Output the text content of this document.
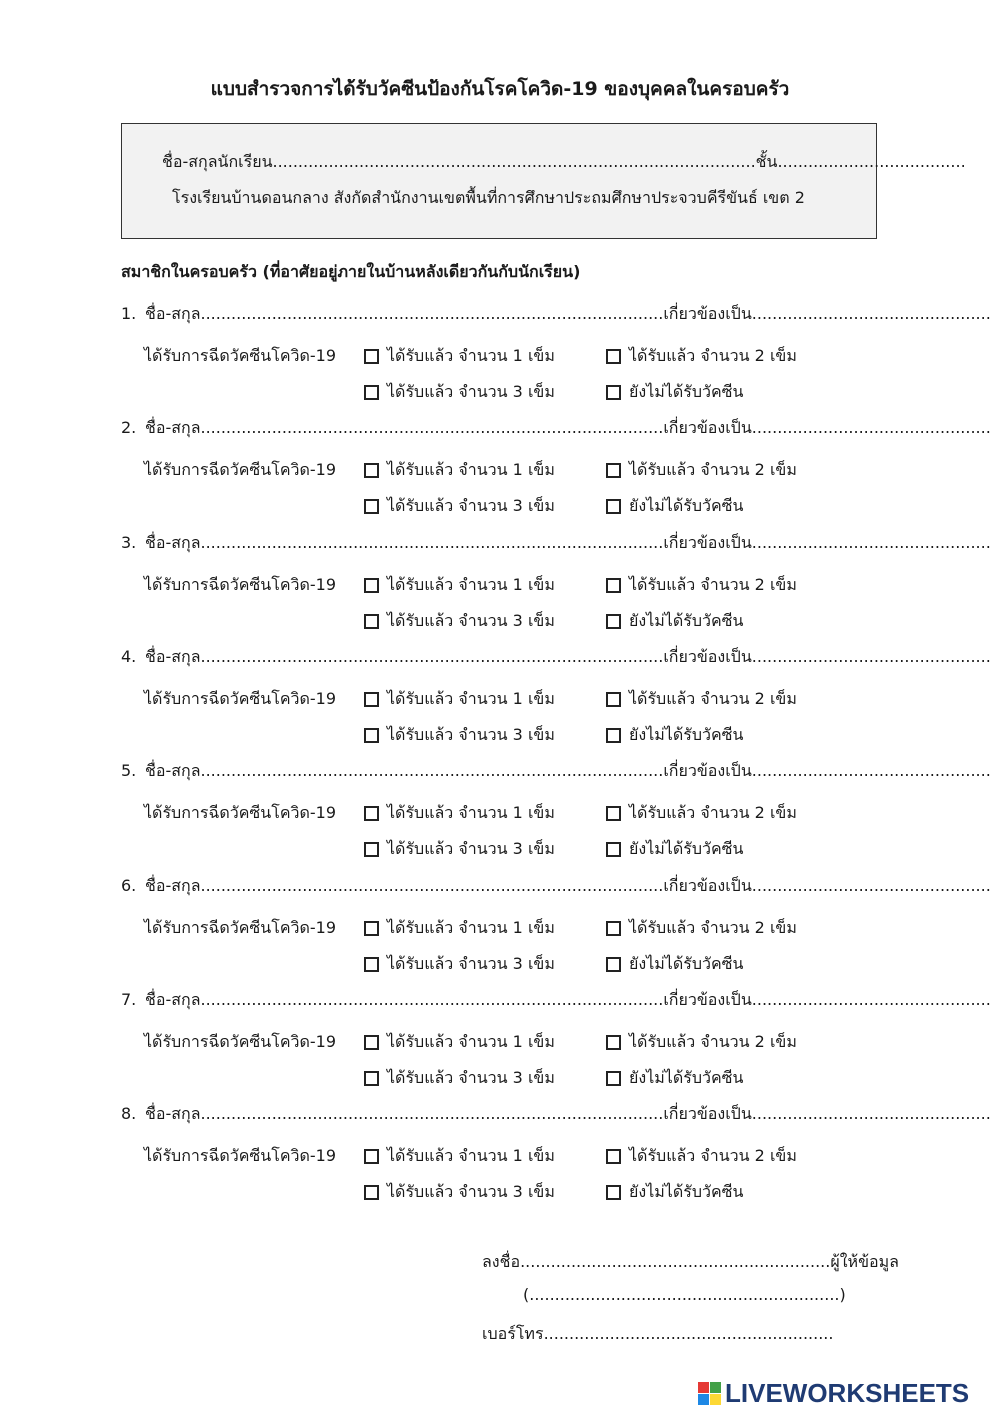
แบบสำรวจการได้รับวัคซีนป้องกันโรคโควิด-19 ของบุคคลในครอบครัว
ชื่อ-สกุลนักเรียน...............................................................................................ชั้น.....................................
โรงเรียนบ้านดอนกลาง สังกัดสำนักงานเขตพื้นที่การศึกษาประถมศึกษาประจวบคีรีขันธ์ เขต 2
สมาชิกในครอบครัว (ที่อาศัยอยู่ภายในบ้านหลังเดียวกันกับนักเรียน)
1. ชื่อ-สกุล...........................................................................................เกี่ยวข้องเป็น...............................................
ได้รับการฉีดวัคซีนโควิด-19	ได้รับแล้ว จำนวน 1 เข็ม	ได้รับแล้ว จำนวน 2 เข็ม
ได้รับแล้ว จำนวน 3 เข็ม	ยังไม่ได้รับวัคซีน
2. ชื่อ-สกุล...........................................................................................เกี่ยวข้องเป็น...............................................
ได้รับการฉีดวัคซีนโควิด-19	ได้รับแล้ว จำนวน 1 เข็ม	ได้รับแล้ว จำนวน 2 เข็ม
ได้รับแล้ว จำนวน 3 เข็ม	ยังไม่ได้รับวัคซีน
3. ชื่อ-สกุล...........................................................................................เกี่ยวข้องเป็น...............................................
ได้รับการฉีดวัคซีนโควิด-19	ได้รับแล้ว จำนวน 1 เข็ม	ได้รับแล้ว จำนวน 2 เข็ม
ได้รับแล้ว จำนวน 3 เข็ม	ยังไม่ได้รับวัคซีน
4. ชื่อ-สกุล...........................................................................................เกี่ยวข้องเป็น...............................................
ได้รับการฉีดวัคซีนโควิด-19	ได้รับแล้ว จำนวน 1 เข็ม	ได้รับแล้ว จำนวน 2 เข็ม
ได้รับแล้ว จำนวน 3 เข็ม	ยังไม่ได้รับวัคซีน
5. ชื่อ-สกุล...........................................................................................เกี่ยวข้องเป็น...............................................
ได้รับการฉีดวัคซีนโควิด-19	ได้รับแล้ว จำนวน 1 เข็ม	ได้รับแล้ว จำนวน 2 เข็ม
ได้รับแล้ว จำนวน 3 เข็ม	ยังไม่ได้รับวัคซีน
6. ชื่อ-สกุล...........................................................................................เกี่ยวข้องเป็น...............................................
ได้รับการฉีดวัคซีนโควิด-19	ได้รับแล้ว จำนวน 1 เข็ม	ได้รับแล้ว จำนวน 2 เข็ม
ได้รับแล้ว จำนวน 3 เข็ม	ยังไม่ได้รับวัคซีน
7. ชื่อ-สกุล...........................................................................................เกี่ยวข้องเป็น...............................................
ได้รับการฉีดวัคซีนโควิด-19	ได้รับแล้ว จำนวน 1 เข็ม	ได้รับแล้ว จำนวน 2 เข็ม
ได้รับแล้ว จำนวน 3 เข็ม	ยังไม่ได้รับวัคซีน
8. ชื่อ-สกุล...........................................................................................เกี่ยวข้องเป็น...............................................
ได้รับการฉีดวัคซีนโควิด-19	ได้รับแล้ว จำนวน 1 เข็ม	ได้รับแล้ว จำนวน 2 เข็ม
ได้รับแล้ว จำนวน 3 เข็ม	ยังไม่ได้รับวัคซีน
ลงชื่อ.............................................................ผู้ให้ข้อมูล
(.............................................................)
เบอร์โทร.........................................................
LIVEWORKSHEETS
